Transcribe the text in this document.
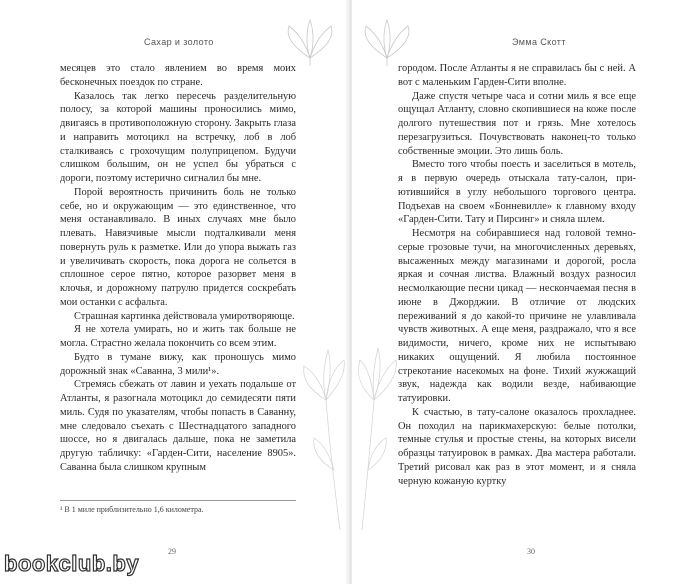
Сахар и золото

месяцев это стало явлением во время моих бесконечных поездок по стране.

Казалось так легко пересечь разделительную полосу, за которой машины проносились мимо, двигаясь в противоположную сторону. Закрыть глаза и направить мотоцикл на встречку, лоб в лоб сталкиваясь с грохочущим полуприцепом. Будучи слишком большим, он не успел бы убраться с дороги, поэтому истерично сигналил бы мне.

Порой вероятность причинить боль не только себе, но и окружающим — это единственное, что меня останавливало. В иных случаях мне было плевать. Навязчивые мысли подталкивали меня повернуть руль к разметке. Или до упора выжать газ и увеличивать скорость, пока дорога не сольется в сплошное серое пятно, которое разорвет меня в клочья, и дорожному патрулю придется соскребать мои останки с асфальта.

Страшная картинка действовала умиротворяюще.

Я не хотела умирать, но и жить так больше не могла. Страстно желала покончить со всем этим.

Будто в тумане вижу, как проношусь мимо дорожный знак «Саванна, 3 мили¹».

Стремясь сбежать от лавин и уехать подальше от Атланты, я разогнала мотоцикл до семидесяти пяти миль. Судя по указателям, чтобы попасть в Саванну, мне следовало съехать с Шестнадцатого западного шоссе, но я двигалась дальше, пока не заметила другую табличку: «Гарден-Сити, население 8905». Саванна была слишком крупным

¹ В 1 миле приблизительно 1,6 километра.
29
Эмма Скотт

городом. После Атланты я не справилась бы с ней. А вот с маленьким Гарден-Сити вполне.

Даже спустя четыре часа и сотни миль я все еще ощущал Атланту, словно скопившиеся на коже после долгого путешествия пот и грязь. Мне хотелось перезагрузиться. Почувствовать наконец-то только собственные эмоции. Это лишь боль.

Вместо того чтобы поесть и заселиться в мотель, я в первую очередь отыскала тату-салон, приютившийся в углу небольшого торгового центра. Подъехав на своем «Бонневилле» к главному входу «Гарден-Сити. Тату и Пирсинг» и сняла шлем.

Несмотря на собиравшиеся над головой темно-серые грозовые тучи, на многочисленных деревьях, высаженных между магазинами и дорогой, росла яркая и сочная листва. Влажный воздух разносил несмолкающие песни цикад — нескончаемая песня в июне в Джорджии. В отличие от людских переживаний я до какой-то причине не улавливала чувств животных. А еще меня, раздражало, что я все видимости, ничего, кроме них не испытываю никаких ощущений. Я любила постоянное стрекотание насекомых на фоне. Тихий жужжащий звук, надежда как водили везде, набивающие татуировки.

К счастью, в тату-салоне оказалось прохладнее. Он походил на парикмахерскую: белые потолки, темные стулья и простые стены, на которых висели образцы татуировок в рамках. Два мастера работали. Третий рисовал как раз в этот момент, и я сняла черную кожаную куртку

30
bookclub.by
